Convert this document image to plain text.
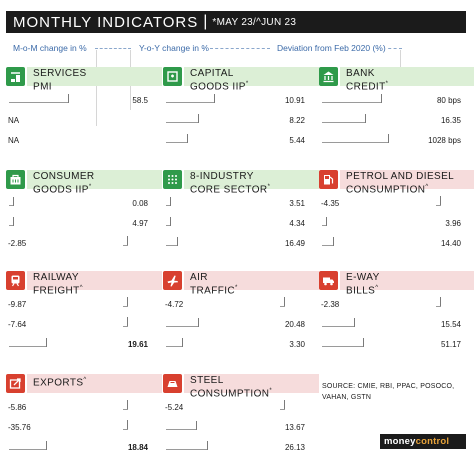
MONTHLY INDICATORS | *MAY 23/^JUN 23
M-o-M change in %	Y-o-Y change in %	Deviation from Feb 2020 (%)
SERVICES
PMI
58.5
NA
NA
CAPITAL
GOODS IIP*
10.91
8.22
5.44
BANK
CREDIT*
80 bps
16.35
1028 bps
CONSUMER
GOODS IIP*
0.08
4.97
-2.85
8-INDUSTRY
CORE SECTOR*
3.51
4.34
16.49
PETROL AND DIESEL
CONSUMPTION^
-4.35
3.96
14.40
RAILWAY
FREIGHT^
-9.87
-7.64
19.61
AIR
TRAFFIC*
-4.72
20.48
3.30
E-WAY
BILLS^
-2.38
15.54
51.17
EXPORTS^
-5.86
-35.76
18.84
STEEL
CONSUMPTION*
-5.24
13.67
26.13
SOURCE: CMIE, RBI, PPAC, POSOCO,
VAHAN, GSTN
money control
